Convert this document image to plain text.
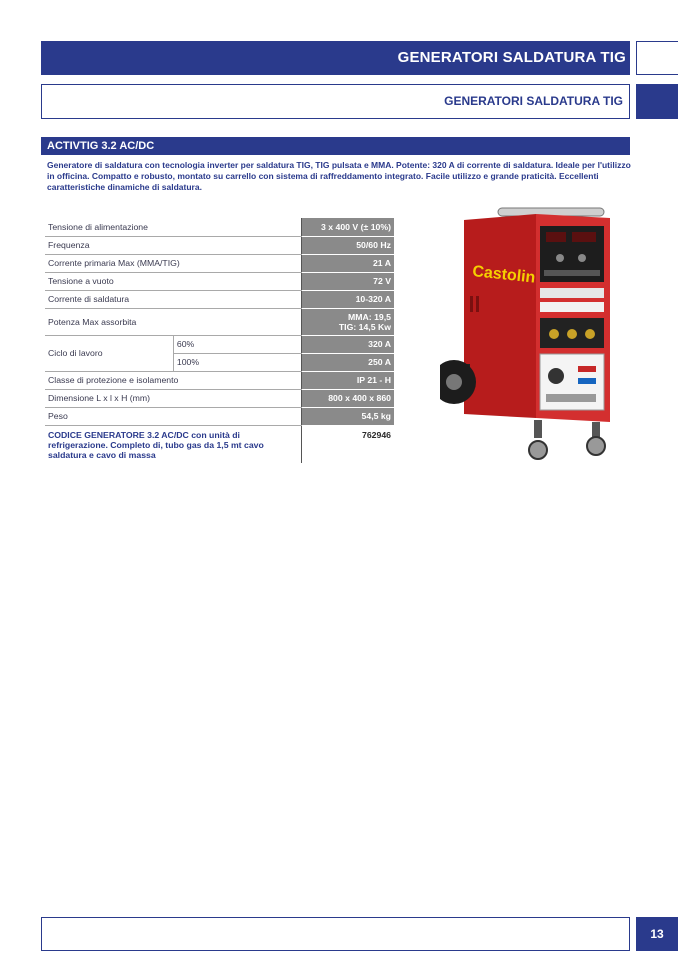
GENERATORI SALDATURA TIG
GENERATORI SALDATURA TIG
ACTIVTIG 3.2 AC/DC

Generatore di saldatura con tecnologia inverter per saldatura TIG, TIG pulsata e MMA. Potente: 320 A di corrente di saldatura. Ideale per l'utilizzo in officina. Compatto e robusto, montato su carrello con sistema di raffreddamento integrato. Facile utilizzo e grande praticità. Eccellenti caratteristiche dinamiche di saldatura.

Tensione di alimentazione		3 x 400 V (± 10%)
Frequenza		50/60 Hz
Corrente primaria Max (MMA/TIG)		21 A
Tensione a vuoto		72 V
Corrente di saldatura		10-320 A
Potenza Max assorbita		MMA: 19,5
TIG: 14,5 Kw

Ciclo di lavoro	60%	320 A
	100%	250 A
Classe di protezione e isolamento		IP 21 - H
Dimensione L x l x H (mm)		800 x 400 x 860
Peso		54,5 kg
CODICE GENERATORE 3.2 AC/DC con unità di refrigerazione. Completo di, tubo gas da 1,5 mt cavo saldatura e cavo di massa		762946
Castolin
13
